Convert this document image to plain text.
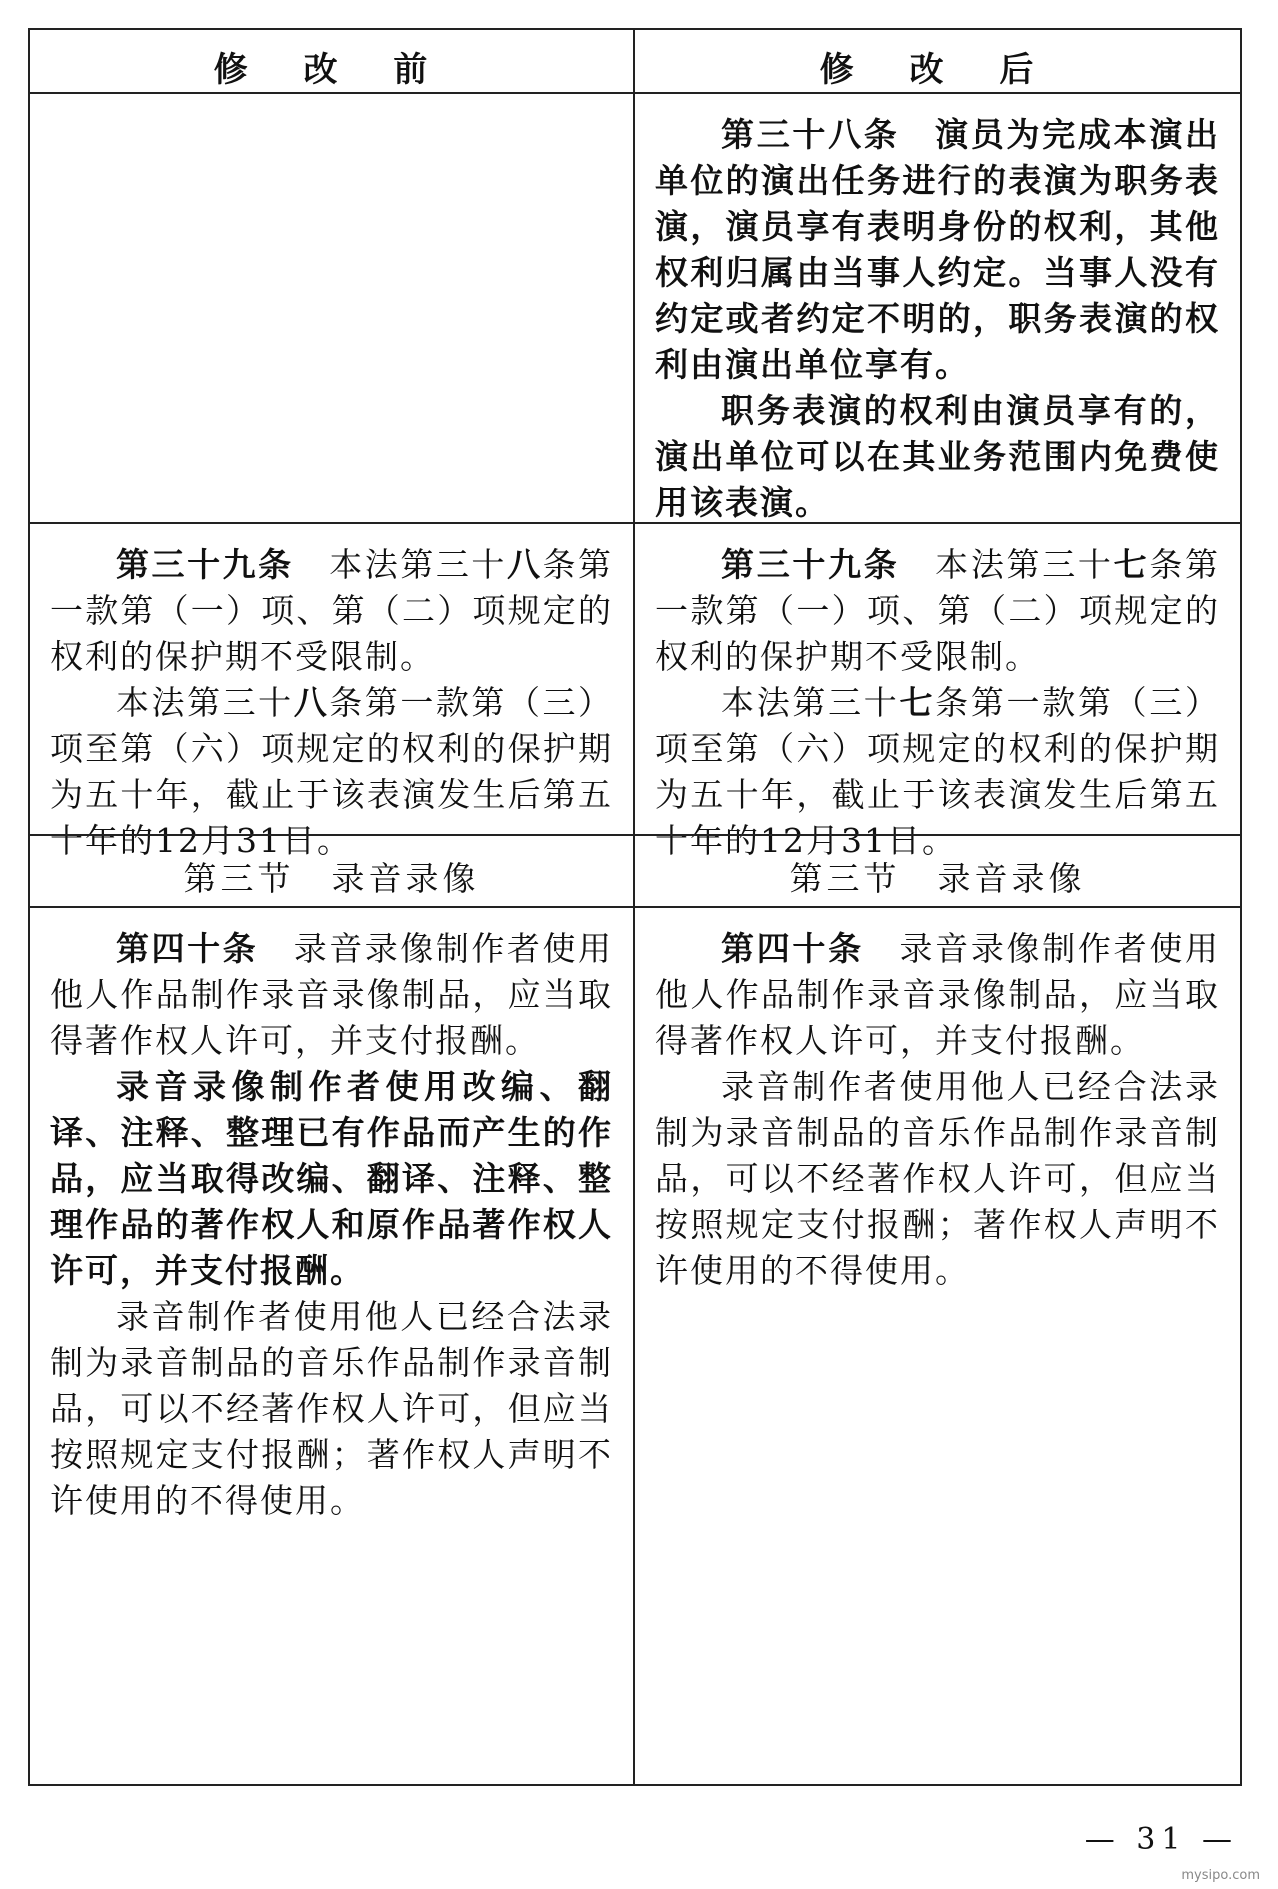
修 改 前	修 改 后

第三十八条　演员为完成本演出单位的演出任务进行的表演为职务表演，演员享有表明身份的权利，其他权利归属由当事人约定。当事人没有约定或者约定不明的，职务表演的权利由演出单位享有。

职务表演的权利由演员享有的，演出单位可以在其业务范围内免费使用该表演。

第三十九条　本法第三十八条第一款第（一）项、第（二）项规定的权利的保护期不受限制。

本法第三十八条第一款第（三）项至第（六）项规定的权利的保护期为五十年，截止于该表演发生后第五十年的12月31日。

第三十九条　本法第三十七条第一款第（一）项、第（二）项规定的权利的保护期不受限制。

本法第三十七条第一款第（三）项至第（六）项规定的权利的保护期为五十年，截止于该表演发生后第五十年的12月31日。

第三节　录音录像	第三节　录音录像

第四十条　录音录像制作者使用他人作品制作录音录像制品，应当取得著作权人许可，并支付报酬。

录音录像制作者使用改编、翻译、注释、整理已有作品而产生的作品，应当取得改编、翻译、注释、整理作品的著作权人和原作品著作权人许可，并支付报酬。

录音制作者使用他人已经合法录制为录音制品的音乐作品制作录音制品，可以不经著作权人许可，但应当按照规定支付报酬；著作权人声明不许使用的不得使用。

第四十条　录音录像制作者使用他人作品制作录音录像制品，应当取得著作权人许可，并支付报酬。

录音制作者使用他人已经合法录制为录音制品的音乐作品制作录音制品，可以不经著作权人许可，但应当按照规定支付报酬；著作权人声明不许使用的不得使用。

— 31 —
mysipo.com
